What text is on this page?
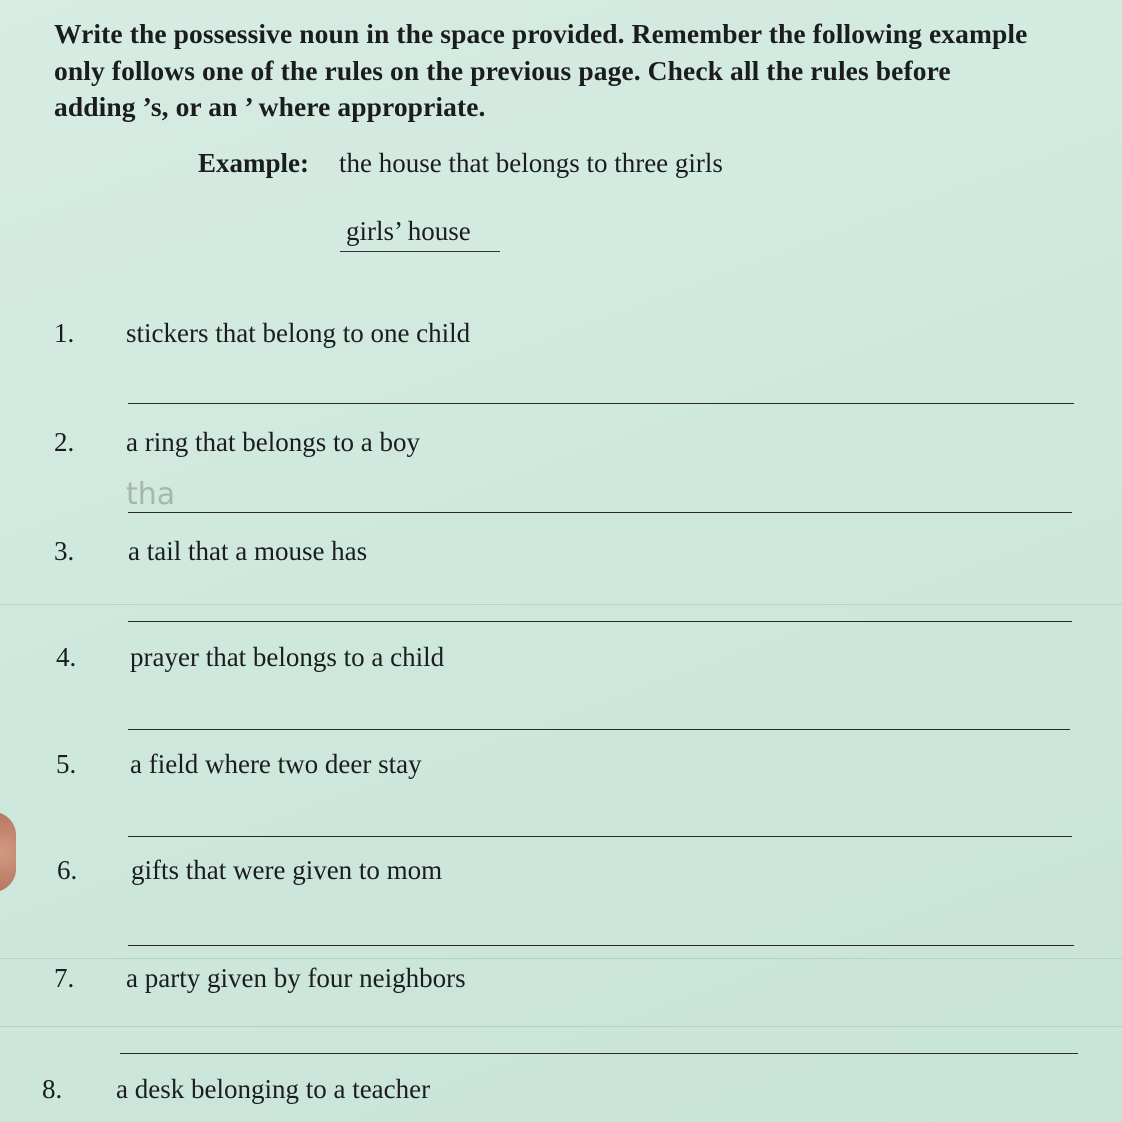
Write the possessive noun in the space provided. Remember the following example
only follows one of the rules on the previous page. Check all the rules before
adding ’s, or an ’ where appropriate.
Example: the house that belongs to three girls
girls’ house
1. stickers that belong to one child
2. a ring that belongs to a boy
tha
3. a tail that a mouse has
4. prayer that belongs to a child
5. a field where two deer stay
6. gifts that were given to mom
7. a party given by four neighbors
8. a desk belonging to a teacher
